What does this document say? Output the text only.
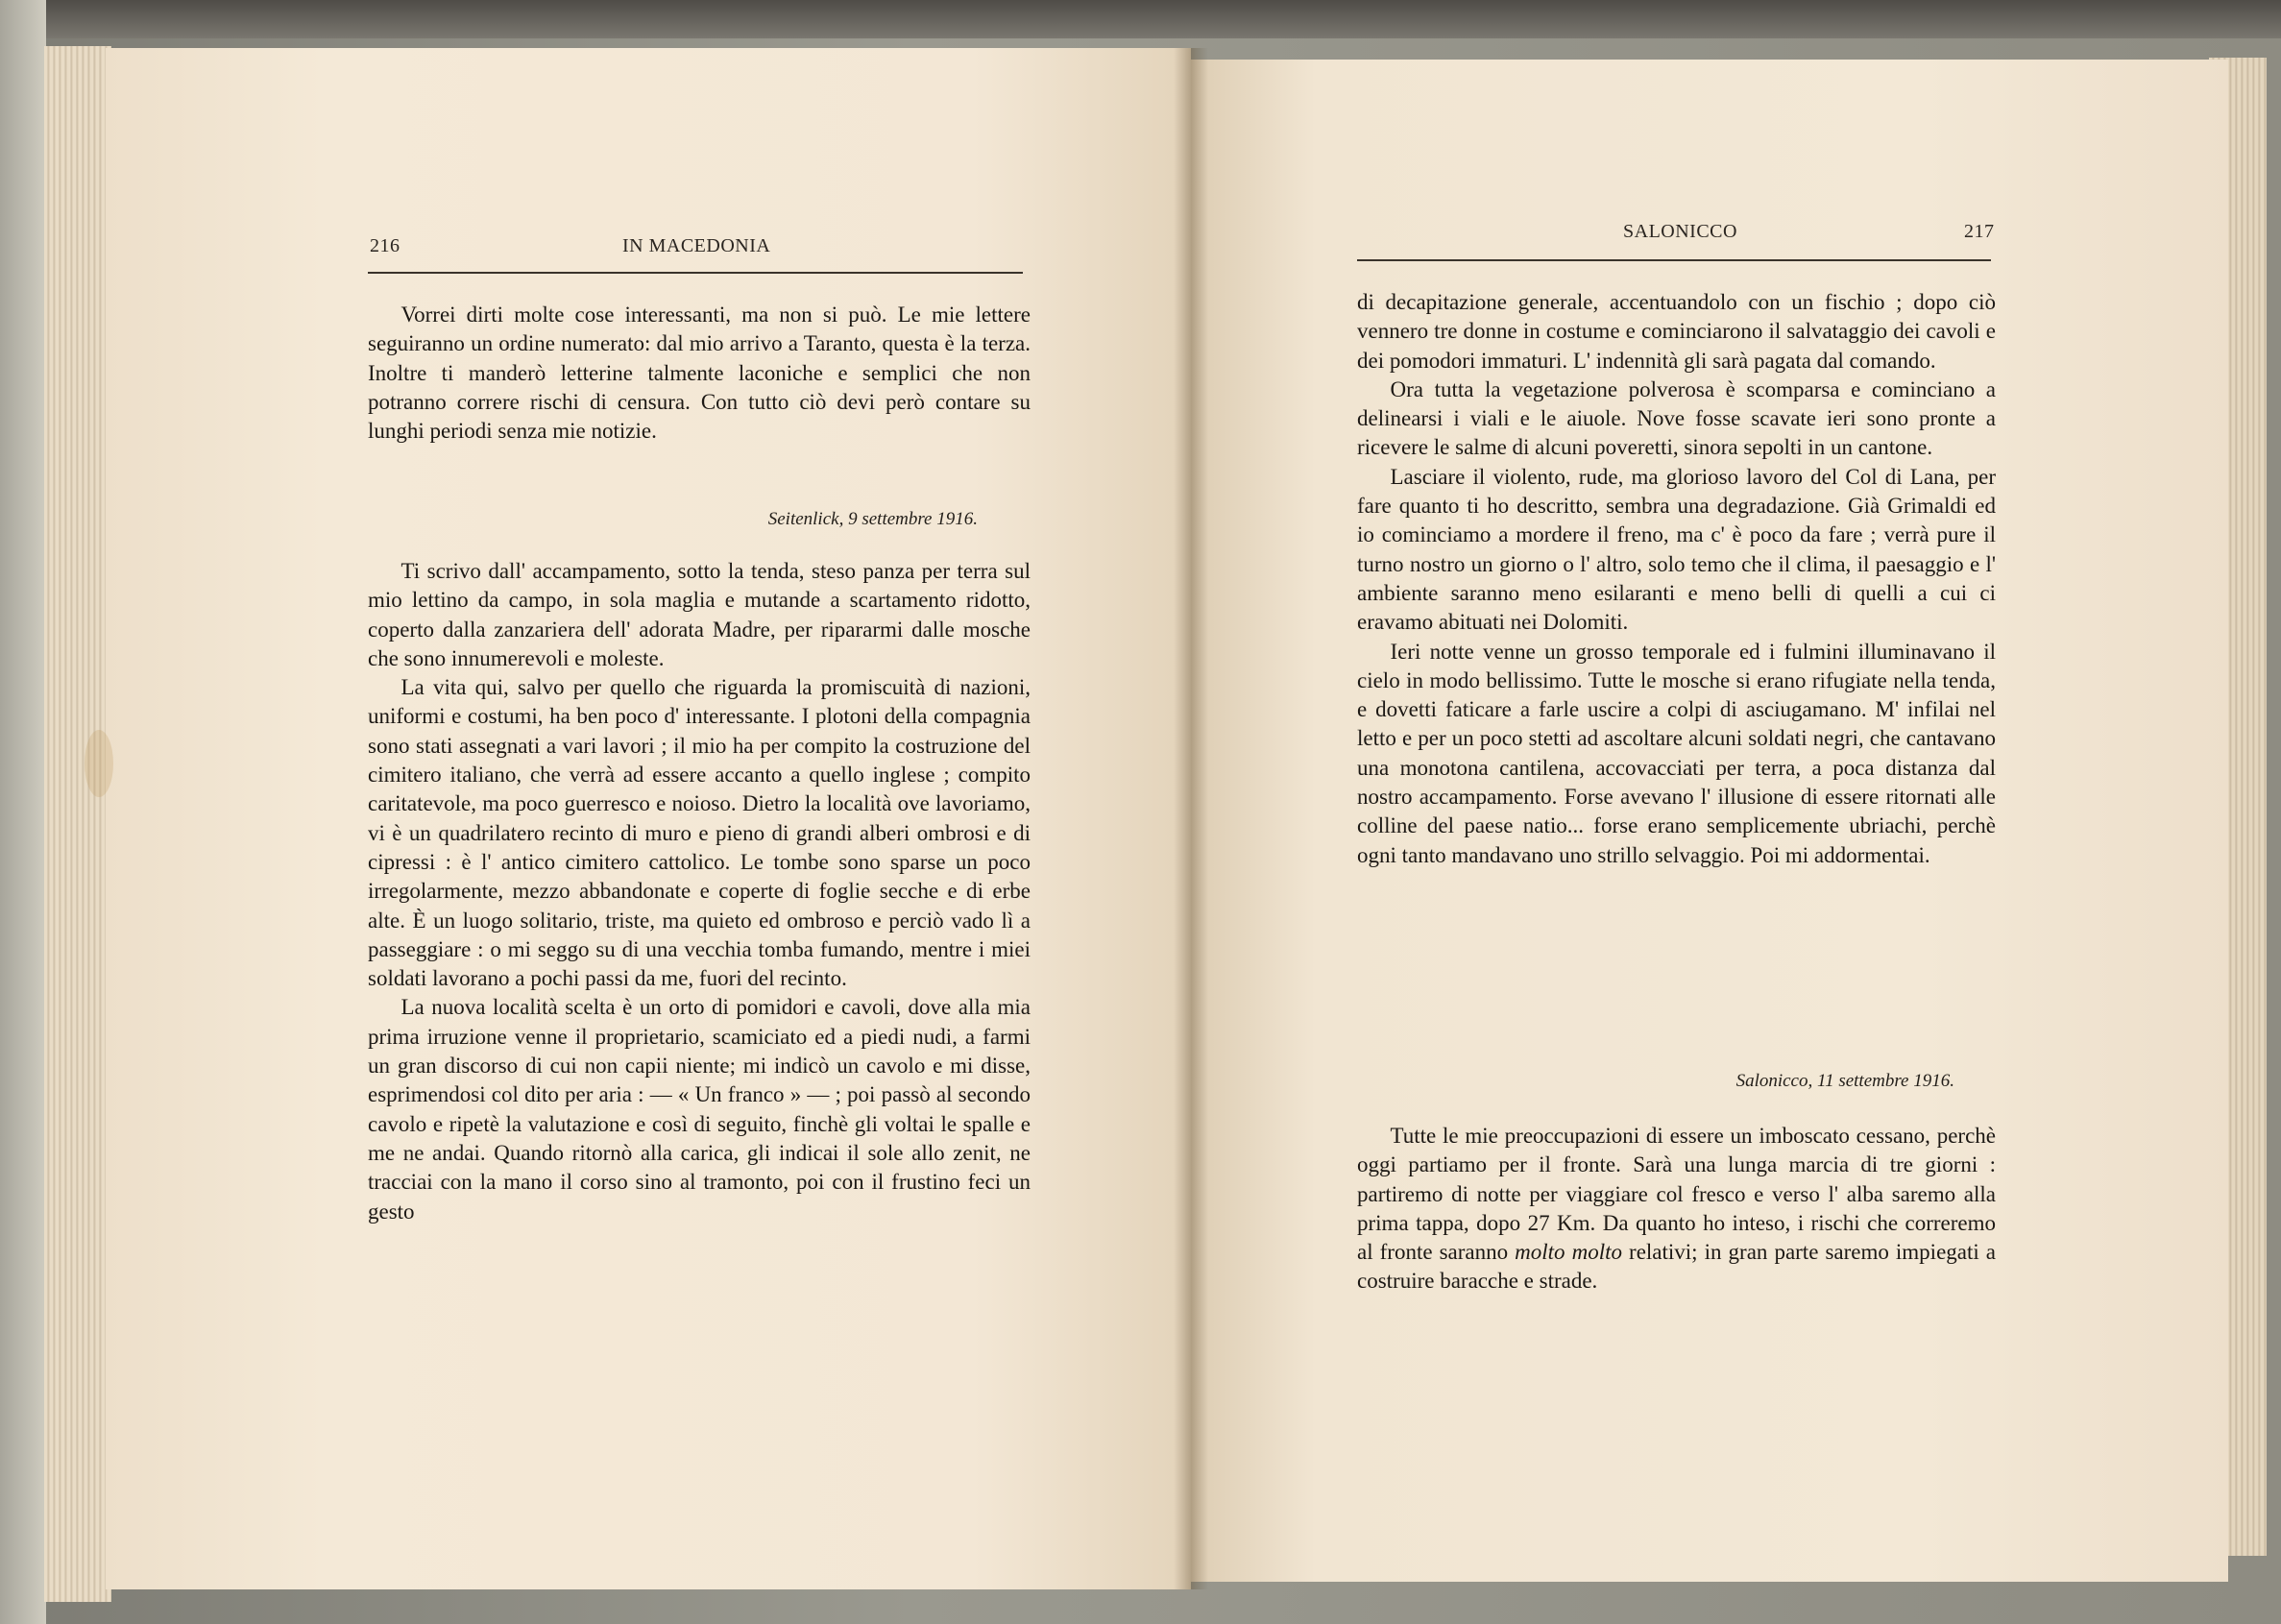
216	IN MACEDONIA

Vorrei dirti molte cose interessanti, ma non si può. Le mie lettere seguiranno un ordine numerato: dal mio arrivo a Taranto, questa è la terza. Inoltre ti manderò letterine talmente laconiche e semplici che non potranno correre rischi di censura. Con tutto ciò devi però contare su lunghi periodi senza mie notizie.

Seitenlick, 9 settembre 1916.

Ti scrivo dall' accampamento, sotto la tenda, steso panza per terra sul mio lettino da campo, in sola maglia e mutande a scartamento ridotto, coperto dalla zanzariera dell' adorata Madre, per ripararmi dalle mosche che sono innumerevoli e moleste.

La vita qui, salvo per quello che riguarda la promiscuità di nazioni, uniformi e costumi, ha ben poco d' interessante. I plotoni della compagnia sono stati assegnati a vari lavori ; il mio ha per compito la costruzione del cimitero italiano, che verrà ad essere accanto a quello inglese ; compito caritatevole, ma poco guerresco e noioso. Dietro la località ove lavoriamo, vi è un quadrilatero recinto di muro e pieno di grandi alberi ombrosi e di cipressi : è l' antico cimitero cattolico. Le tombe sono sparse un poco irregolarmente, mezzo abbandonate e coperte di foglie secche e di erbe alte. È un luogo solitario, triste, ma quieto ed ombroso e perciò vado lì a passeggiare : o mi seggo su di una vecchia tomba fumando, mentre i miei soldati lavorano a pochi passi da me, fuori del recinto.

La nuova località scelta è un orto di pomidori e cavoli, dove alla mia prima irruzione venne il proprietario, scamiciato ed a piedi nudi, a farmi un gran discorso di cui non capii niente; mi indicò un cavolo e mi disse, esprimendosi col dito per aria : — « Un franco » — ; poi passò al secondo cavolo e ripetè la valutazione e così di seguito, finchè gli voltai le spalle e me ne andai. Quando ritornò alla carica, gli indicai il sole allo zenit, ne tracciai con la mano il corso sino al tramonto, poi con il frustino feci un gesto

SALONICCO	217

di decapitazione generale, accentuandolo con un fischio ; dopo ciò vennero tre donne in costume e cominciarono il salvataggio dei cavoli e dei pomodori immaturi. L' indennità gli sarà pagata dal comando.

Ora tutta la vegetazione polverosa è scomparsa e cominciano a delinearsi i viali e le aiuole. Nove fosse scavate ieri sono pronte a ricevere le salme di alcuni poveretti, sinora sepolti in un cantone.

Lasciare il violento, rude, ma glorioso lavoro del Col di Lana, per fare quanto ti ho descritto, sembra una degradazione. Già Grimaldi ed io cominciamo a mordere il freno, ma c' è poco da fare ; verrà pure il turno nostro un giorno o l' altro, solo temo che il clima, il paesaggio e l' ambiente saranno meno esilaranti e meno belli di quelli a cui ci eravamo abituati nei Dolomiti.

Ieri notte venne un grosso temporale ed i fulmini illuminavano il cielo in modo bellissimo. Tutte le mosche si erano rifugiate nella tenda, e dovetti faticare a farle uscire a colpi di asciugamano. M' infilai nel letto e per un poco stetti ad ascoltare alcuni soldati negri, che cantavano una monotona cantilena, accovacciati per terra, a poca distanza dal nostro accampamento. Forse avevano l' illusione di essere ritornati alle colline del paese natio... forse erano semplicemente ubriachi, perchè ogni tanto mandavano uno strillo selvaggio. Poi mi addormentai.

Salonicco, 11 settembre 1916.

Tutte le mie preoccupazioni di essere un imboscato cessano, perchè oggi partiamo per il fronte. Sarà una lunga marcia di tre giorni : partiremo di notte per viaggiare col fresco e verso l' alba saremo alla prima tappa, dopo 27 Km. Da quanto ho inteso, i rischi che correremo al fronte saranno molto molto relativi; in gran parte saremo impiegati a costruire baracche e strade.
